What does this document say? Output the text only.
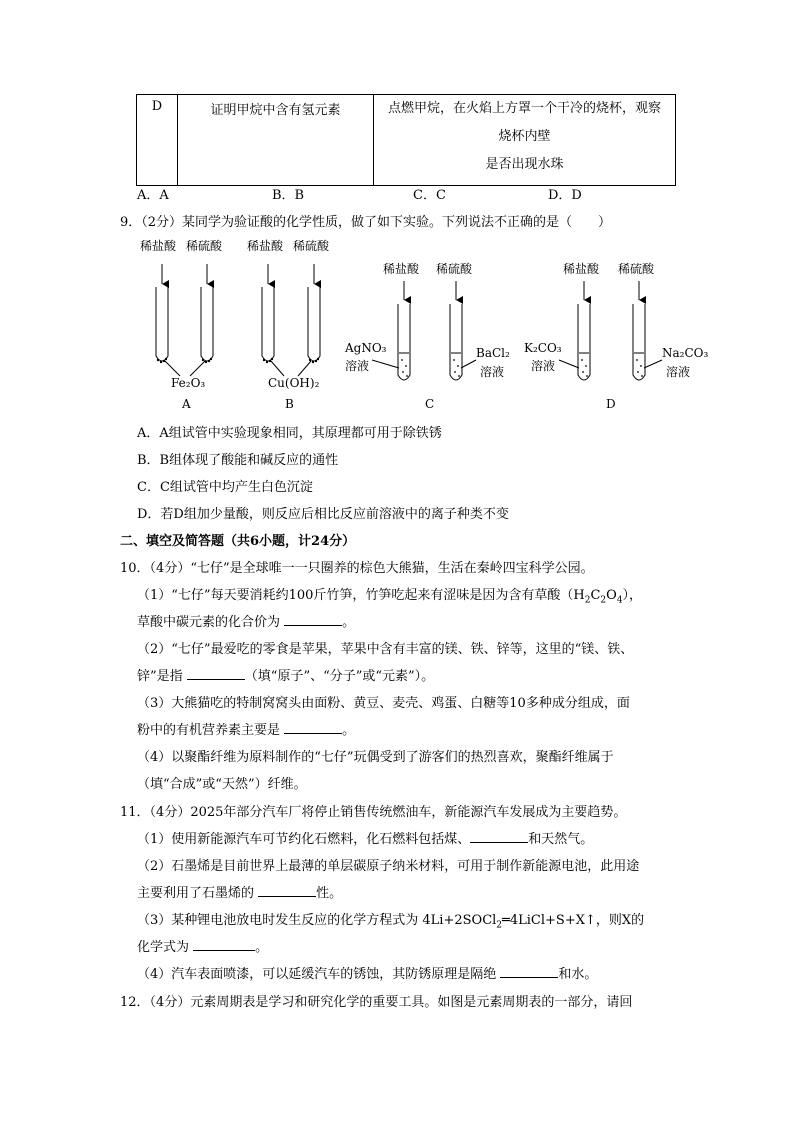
D	证明甲烷中含有氢元素	点燃甲烷，在火焰上方罩一个干冷的烧杯，观察
烧杯内壁
是否出现水珠
A．A	B．B	C．C	D．D
9．（2分）某同学为验证酸的化学性质，做了如下实验。下列说法不正确的是（　　）
稀盐酸 稀硫酸 稀盐酸 稀硫酸
稀盐酸 稀硫酸	稀盐酸 稀硫酸
Fe₂O₃	Cu(OH)₂
AgNO₃
溶液
BaCl₂
溶液
K₂CO₃
溶液
Na₂CO₃
溶液
A	B	C	D
A．A组试管中实验现象相同，其原理都可用于除铁锈
B．B组体现了酸能和碱反应的通性
C．C组试管中均产生白色沉淀
D．若D组加少量酸，则反应后相比反应前溶液中的离子种类不变
二、填空及简答题（共6小题，计24分）
10．（4分）“七仔”是全球唯一一只圈养的棕色大熊猫，生活在秦岭四宝科学公园。
（1）“七仔”每天要消耗约100斤竹笋，竹笋吃起来有涩味是因为含有草酸$(H_2C_2O_4)$，
草酸中碳元素的化合价为	。
（2）“七仔”最爱吃的零食是苹果，苹果中含有丰富的镁、铁、锌等，这里的“镁、铁、
锌”是指	（填“原子”、“分子”或“元素”）。
（3）大熊猫吃的特制窝窝头由面粉、黄豆、麦壳、鸡蛋、白糖等10多种成分组成，面
粉中的有机营养素主要是	。
（4）以聚酯纤维为原料制作的“七仔”玩偶受到了游客们的热烈喜欢，聚酯纤维属于
（填“合成”或“天然”）纤维。
11．（4分）2025年部分汽车厂将停止销售传统燃油车，新能源汽车发展成为主要趋势。
（1）使用新能源汽车可节约化石燃料，化石燃料包括煤、	和天然气。
（2）石墨烯是目前世界上最薄的单层碳原子纳米材料，可用于制作新能源电池，此用途
主要利用了石墨烯的	性。
（3）某种锂电池放电时发生反应的化学方程式为 4Li+2SOCl$_2$═4LiCl+S+X↑，则X的
化学式为	。
（4）汽车表面喷漆，可以延缓汽车的锈蚀，其防锈原理是隔绝	和水。
12．（4分）元素周期表是学习和研究化学的重要工具。如图是元素周期表的一部分，请回
